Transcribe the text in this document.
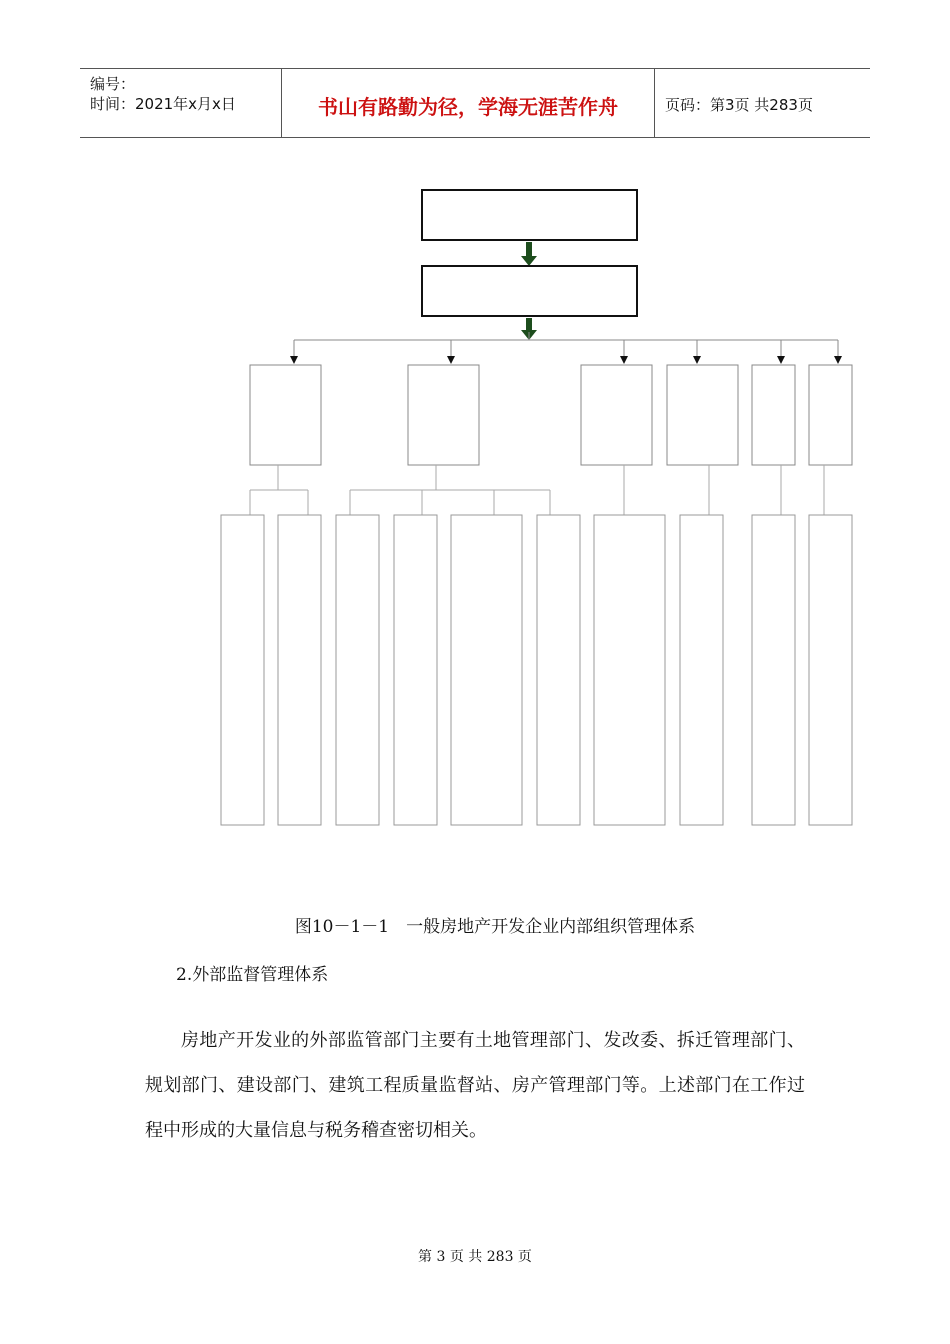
编号：
时间：2021年x月x日	书山有路勤为径，学海无涯苦作舟	页码：第3页 共283页
图10－1－1　一般房地产开发企业内部组织管理体系
2.外部监督管理体系

房地产开发业的外部监管部门主要有土地管理部门、发改委、拆迁管理部门、规划部门、建设部门、建筑工程质量监督站、房产管理部门等。上述部门在工作过程中形成的大量信息与税务稽查密切相关。

第 3 页 共 283 页
